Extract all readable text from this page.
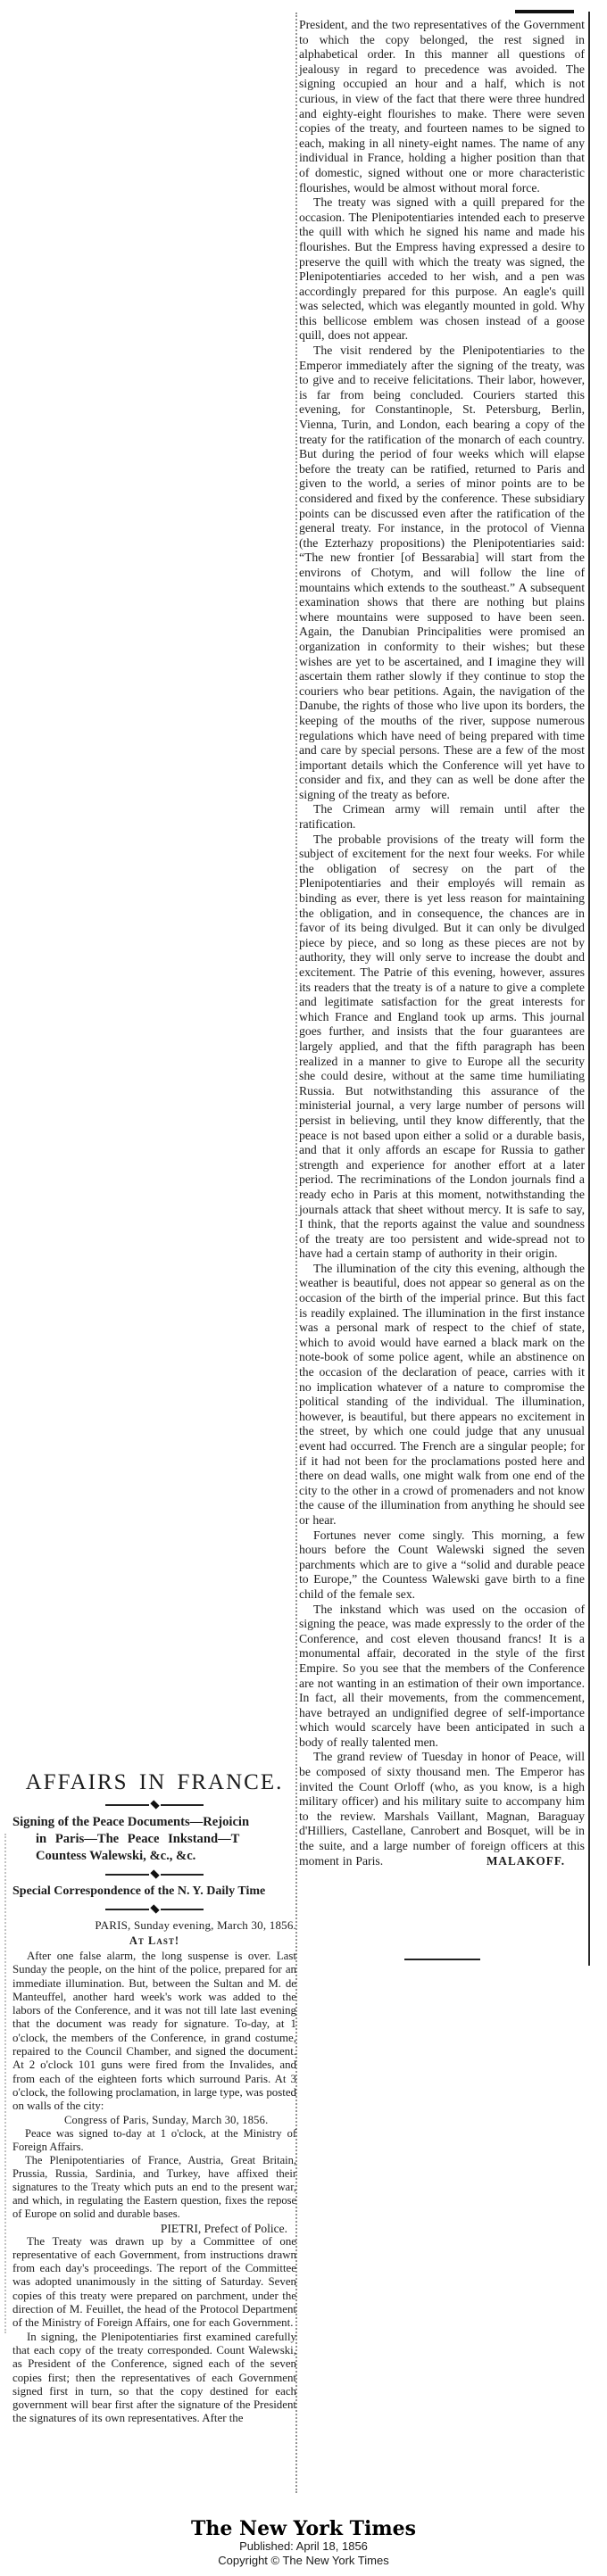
President, and the two representatives of the Government to which the copy belonged, the rest signed in alphabetical order. In this manner all questions of jealousy in regard to precedence was avoided. The signing occupied an hour and a half, which is not curious, in view of the fact that there were three hundred and eighty-eight flourishes to make. There were seven copies of the treaty, and fourteen names to be signed to each, making in all ninety-eight names. The name of any individual in France, holding a higher position than that of domestic, signed without one or more characteristic flourishes, would be almost without moral force.

The treaty was signed with a quill prepared for the occasion. The Plenipotentiaries intended each to preserve the quill with which he signed his name and made his flourishes. But the Empress having expressed a desire to preserve the quill with which the treaty was signed, the Plenipotentiaries acceded to her wish, and a pen was accordingly prepared for this purpose. An eagle's quill was selected, which was elegantly mounted in gold. Why this bellicose emblem was chosen instead of a goose quill, does not appear.

The visit rendered by the Plenipotentiaries to the Emperor immediately after the signing of the treaty, was to give and to receive felicitations. Their labor, however, is far from being concluded. Couriers started this evening, for Constantinople, St. Petersburg, Berlin, Vienna, Turin, and London, each bearing a copy of the treaty for the ratification of the monarch of each country. But during the period of four weeks which will elapse before the treaty can be ratified, returned to Paris and given to the world, a series of minor points are to be considered and fixed by the conference. These subsidiary points can be discussed even after the ratification of the general treaty. For instance, in the protocol of Vienna (the Ezterhazy propositions) the Plenipotentiaries said: “The new frontier [of Bessarabia] will start from the environs of Chotym, and will follow the line of mountains which extends to the southeast.” A subsequent examination shows that there are nothing but plains where mountains were supposed to have been seen. Again, the Danubian Principalities were promised an organization in conformity to their wishes; but these wishes are yet to be ascertained, and I imagine they will ascertain them rather slowly if they continue to stop the couriers who bear petitions. Again, the navigation of the Danube, the rights of those who live upon its borders, the keeping of the mouths of the river, suppose numerous regulations which have need of being prepared with time and care by special persons. These are a few of the most important details which the Conference will yet have to consider and fix, and they can as well be done after the signing of the treaty as before.

The Crimean army will remain until after the ratification.

The probable provisions of the treaty will form the subject of excitement for the next four weeks. For while the obligation of secresy on the part of the Plenipotentiaries and their employés will remain as binding as ever, there is yet less reason for maintaining the obligation, and in consequence, the chances are in favor of its being divulged. But it can only be divulged piece by piece, and so long as these pieces are not by authority, they will only serve to increase the doubt and excitement. The Patrie of this evening, however, assures its readers that the treaty is of a nature to give a complete and legitimate satisfaction for the great interests for which France and England took up arms. This journal goes further, and insists that the four guarantees are largely applied, and that the fifth paragraph has been realized in a manner to give to Europe all the security she could desire, without at the same time humiliating Russia. But notwithstanding this assurance of the ministerial journal, a very large number of persons will persist in believing, until they know differently, that the peace is not based upon either a solid or a durable basis, and that it only affords an escape for Russia to gather strength and experience for another effort at a later period. The recriminations of the London journals find a ready echo in Paris at this moment, notwithstanding the journals attack that sheet without mercy. It is safe to say, I think, that the reports against the value and soundness of the treaty are too persistent and wide-spread not to have had a certain stamp of authority in their origin.

The illumination of the city this evening, although the weather is beautiful, does not appear so general as on the occasion of the birth of the imperial prince. But this fact is readily explained. The illumination in the first instance was a personal mark of respect to the chief of state, which to avoid would have earned a black mark on the note-book of some police agent, while an abstinence on the occasion of the declaration of peace, carries with it no implication whatever of a nature to compromise the political standing of the individual. The illumination, however, is beautiful, but there appears no excitement in the street, by which one could judge that any unusual event had occurred. The French are a singular people; for if it had not been for the proclamations posted here and there on dead walls, one might walk from one end of the city to the other in a crowd of promenaders and not know the cause of the illumination from anything he should see or hear.

Fortunes never come singly. This morning, a few hours before the Count Walewski signed the seven parchments which are to give a “solid and durable peace to Europe,” the Countess Walewski gave birth to a fine child of the female sex.

The inkstand which was used on the occasion of signing the peace, was made expressly to the order of the Conference, and cost eleven thousand francs! It is a monumental affair, decorated in the style of the first Empire. So you see that the members of the Conference are not wanting in an estimation of their own importance. In fact, all their movements, from the commencement, have betrayed an undignified degree of self-importance which would scarcely have been anticipated in such a body of really talented men.

The grand review of Tuesday in honor of Peace, will be composed of sixty thousand men. The Emperor has invited the Count Orloff (who, as you know, is a high military officer) and his military suite to accompany him to the review. Marshals Vaillant, Magnan, Baraguay d'Hilliers, Castellane, Canrobert and Bosquet, will be in the suite, and a large number of foreign officers at this moment in Paris.	MALAKOFF.
AFFAIRS IN FRANCE.
Signing of the Peace Documents—Rejoicin
in Paris—The Peace Inkstand—T
Countess Walewski, &c., &c.
Special Correspondence of the N. Y. Daily Time
PARIS, Sunday evening, March 30, 1856.
At Last!

After one false alarm, the long suspense is over. Last Sunday the people, on the hint of the police, prepared for an immediate illumination. But, between the Sultan and M. de Manteuffel, another hard week's work was added to the labors of the Conference, and it was not till late last evening that the document was ready for signature. To-day, at 1 o'clock, the members of the Conference, in grand costume, repaired to the Council Chamber, and signed the document. At 2 o'clock 101 guns were fired from the Invalides, and from each of the eighteen forts which surround Paris. At 3 o'clock, the following proclamation, in large type, was posted on walls of the city:

Congress of Paris, Sunday, March 30, 1856.

Peace was signed to-day at 1 o'clock, at the Ministry of Foreign Affairs.

The Plenipotentiaries of France, Austria, Great Britain, Prussia, Russia, Sardinia, and Turkey, have affixed their signatures to the Treaty which puts an end to the present war, and which, in regulating the Eastern question, fixes the repose of Europe on solid and durable bases.

PIETRI, Prefect of Police.

The Treaty was drawn up by a Committee of one representative of each Government, from instructions drawn from each day's proceedings. The report of the Committee was adopted unanimously in the sitting of Saturday. Seven copies of this treaty were prepared on parchment, under the direction of M. Feuillet, the head of the Protocol Department of the Ministry of Foreign Affairs, one for each Government.

In signing, the Plenipotentiaries first examined carefully that each copy of the treaty corresponded. Count Walewski, as President of the Conference, signed each of the seven copies first; then the representatives of each Government signed first in turn, so that the copy destined for each government will bear first after the signature of the President the signatures of its own representatives. After the

The New York Times
Published: April 18, 1856
Copyright © The New York Times
